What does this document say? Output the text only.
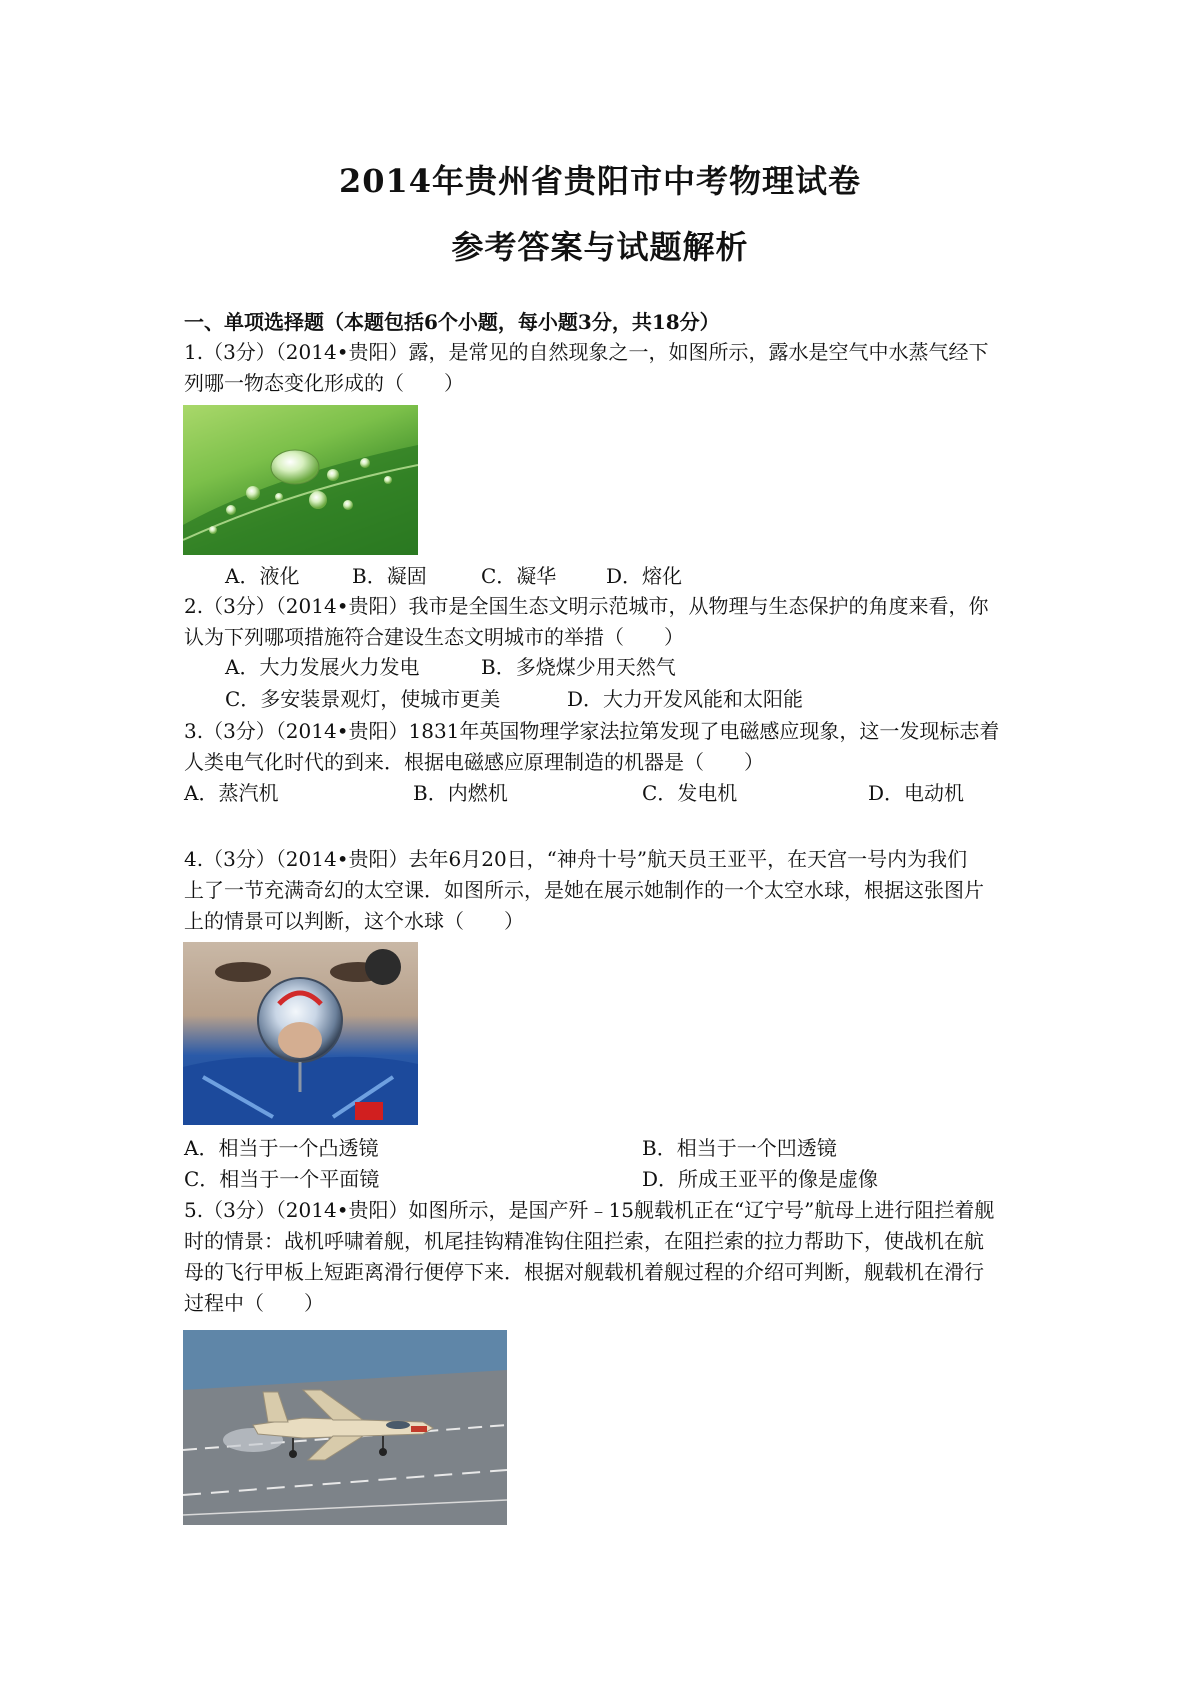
2014年贵州省贵阳市中考物理试卷
参考答案与试题解析
一、单项选择题（本题包括6个小题，每小题3分，共18分）
1.（3分）（2014•贵阳）露，是常见的自然现象之一，如图所示，露水是空气中水蒸气经下
列哪一物态变化形成的（　　）
A．液化	B．凝固	C．凝华 D．熔化
2.（3分）（2014•贵阳）我市是全国生态文明示范城市，从物理与生态保护的角度来看，你
认为下列哪项措施符合建设生态文明城市的举措（　　）
A．大力发展火力发电	B．多烧煤少用天然气
C．多安装景观灯，使城市更美	D．大力开发风能和太阳能
3.（3分）（2014•贵阳）1831年英国物理学家法拉第发现了电磁感应现象，这一发现标志着
人类电气化时代的到来．根据电磁感应原理制造的机器是（　　）
A．蒸汽机	B．内燃机	C．发电机	D．电动机
4.（3分）（2014•贵阳）去年6月20日，“神舟十号”航天员王亚平，在天宫一号内为我们
上了一节充满奇幻的太空课．如图所示，是她在展示她制作的一个太空水球，根据这张图片
上的情景可以判断，这个水球（　　）
A．相当于一个凸透镜	B．相当于一个凹透镜
C．相当于一个平面镜	D．所成王亚平的像是虚像
5.（3分）（2014•贵阳）如图所示，是国产歼﹣15舰载机正在“辽宁号”航母上进行阻拦着舰
时的情景：战机呼啸着舰，机尾挂钩精准钩住阻拦索，在阻拦索的拉力帮助下，使战机在航
母的飞行甲板上短距离滑行便停下来．根据对舰载机着舰过程的介绍可判断，舰载机在滑行
过程中（　　）
